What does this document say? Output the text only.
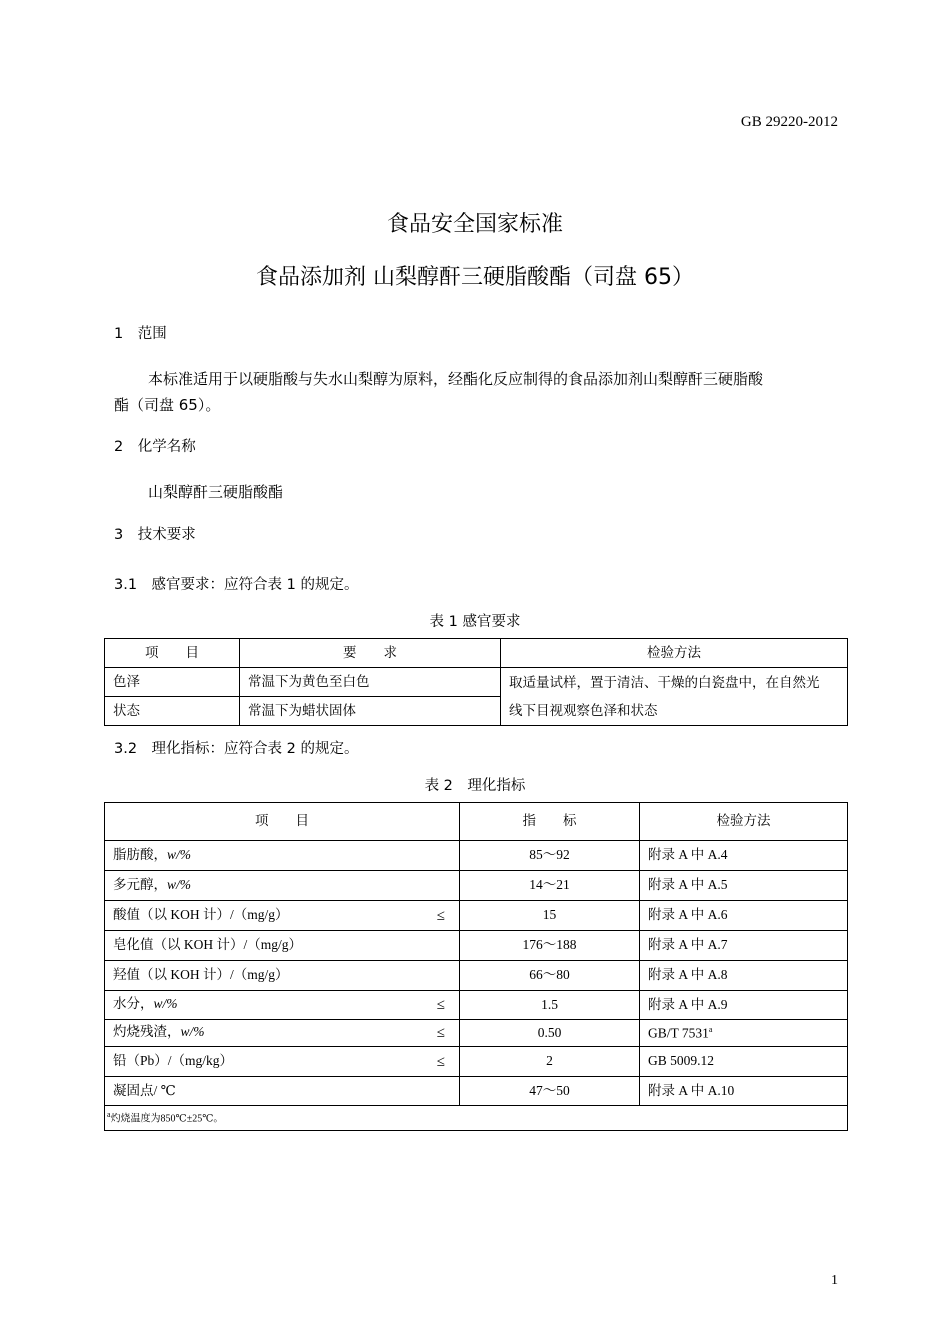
GB 29220-2012
食品安全国家标准
食品添加剂 山梨醇酐三硬脂酸酯（司盘 65）
1　范围
本标准适用于以硬脂酸与失水山梨醇为原料，经酯化反应制得的食品添加剂山梨醇酐三硬脂酸
酯（司盘 65）。
2　化学名称
山梨醇酐三硬脂酸酯
3　技术要求
3.1　感官要求：应符合表 1 的规定。
表 1 感官要求
项　　目	要　　求	检验方法
色泽	常温下为黄色至白色	取适量试样，置于清洁、干燥的白瓷盘中，在自然光
线下目视观察色泽和状态

状态	常温下为蜡状固体	
3.2　理化指标：应符合表 2 的规定。
表 2　理化指标
项　　目	指　　标	检验方法
脂肪酸，w/%	85～92	附录 A 中 A.4
多元醇，w/%	14～21	附录 A 中 A.5
酸值（以 KOH 计）/（mg/g） ≤	15	附录 A 中 A.6
皂化值（以 KOH 计）/（mg/g）	176～188	附录 A 中 A.7
羟值（以 KOH 计）/（mg/g）	66～80	附录 A 中 A.8
水分，w/% ≤	1.5	附录 A 中 A.9
灼烧残渣，w/% ≤	0.50	GB/T 7531$^a$
铅（Pb）/（mg/kg） ≤	2	GB 5009.12
凝固点/ ℃	47～50	附录 A 中 A.10
$^a$灼烧温度为850℃±25℃。		
1
